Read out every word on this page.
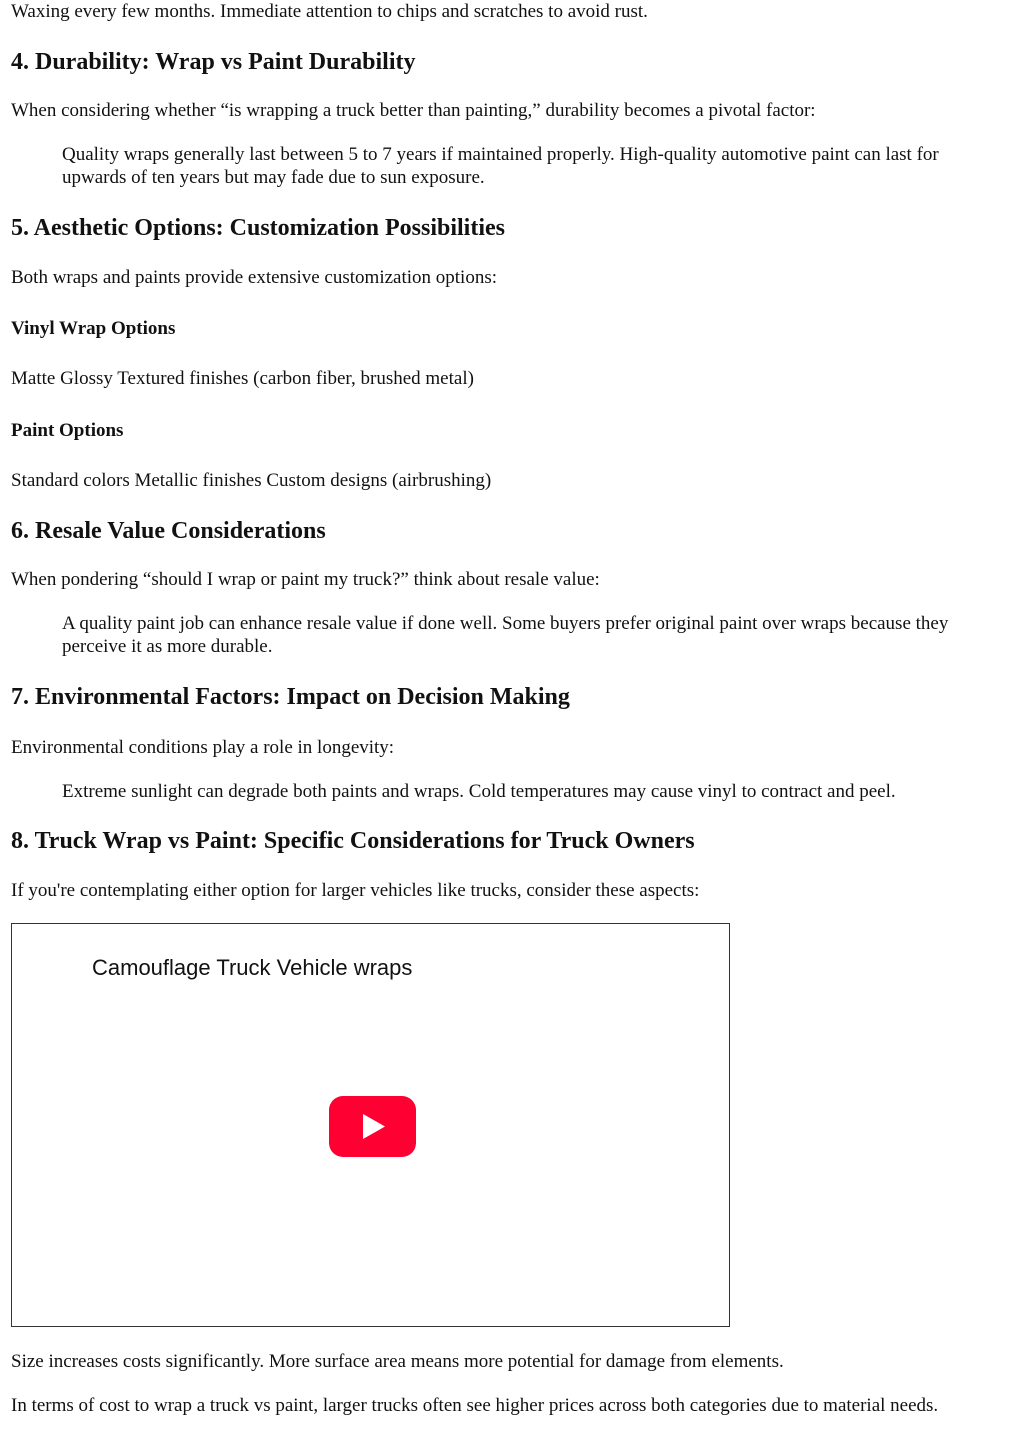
Waxing every few months. Immediate attention to chips and scratches to avoid rust.

4. Durability: Wrap vs Paint Durability

When considering whether “is wrapping a truck better than painting,” durability becomes a pivotal factor:

Quality wraps generally last between 5 to 7 years if maintained properly. High-quality automotive paint can last for upwards of ten years but may fade due to sun exposure.

5. Aesthetic Options: Customization Possibilities

Both wraps and paints provide extensive customization options:

Vinyl Wrap Options

Matte Glossy Textured finishes (carbon fiber, brushed metal)

Paint Options

Standard colors Metallic finishes Custom designs (airbrushing)

6. Resale Value Considerations

When pondering “should I wrap or paint my truck?” think about resale value:

A quality paint job can enhance resale value if done well. Some buyers prefer original paint over wraps because they perceive it as more durable.

7. Environmental Factors: Impact on Decision Making

Environmental conditions play a role in longevity:

Extreme sunlight can degrade both paints and wraps. Cold temperatures may cause vinyl to contract and peel.

8. Truck Wrap vs Paint: Specific Considerations for Truck Owners

If you're contemplating either option for larger vehicles like trucks, consider these aspects:

Camouflage Truck Vehicle wraps

Size increases costs significantly. More surface area means more potential for damage from elements.

In terms of cost to wrap a truck vs paint, larger trucks often see higher prices across both categories due to material needs.
